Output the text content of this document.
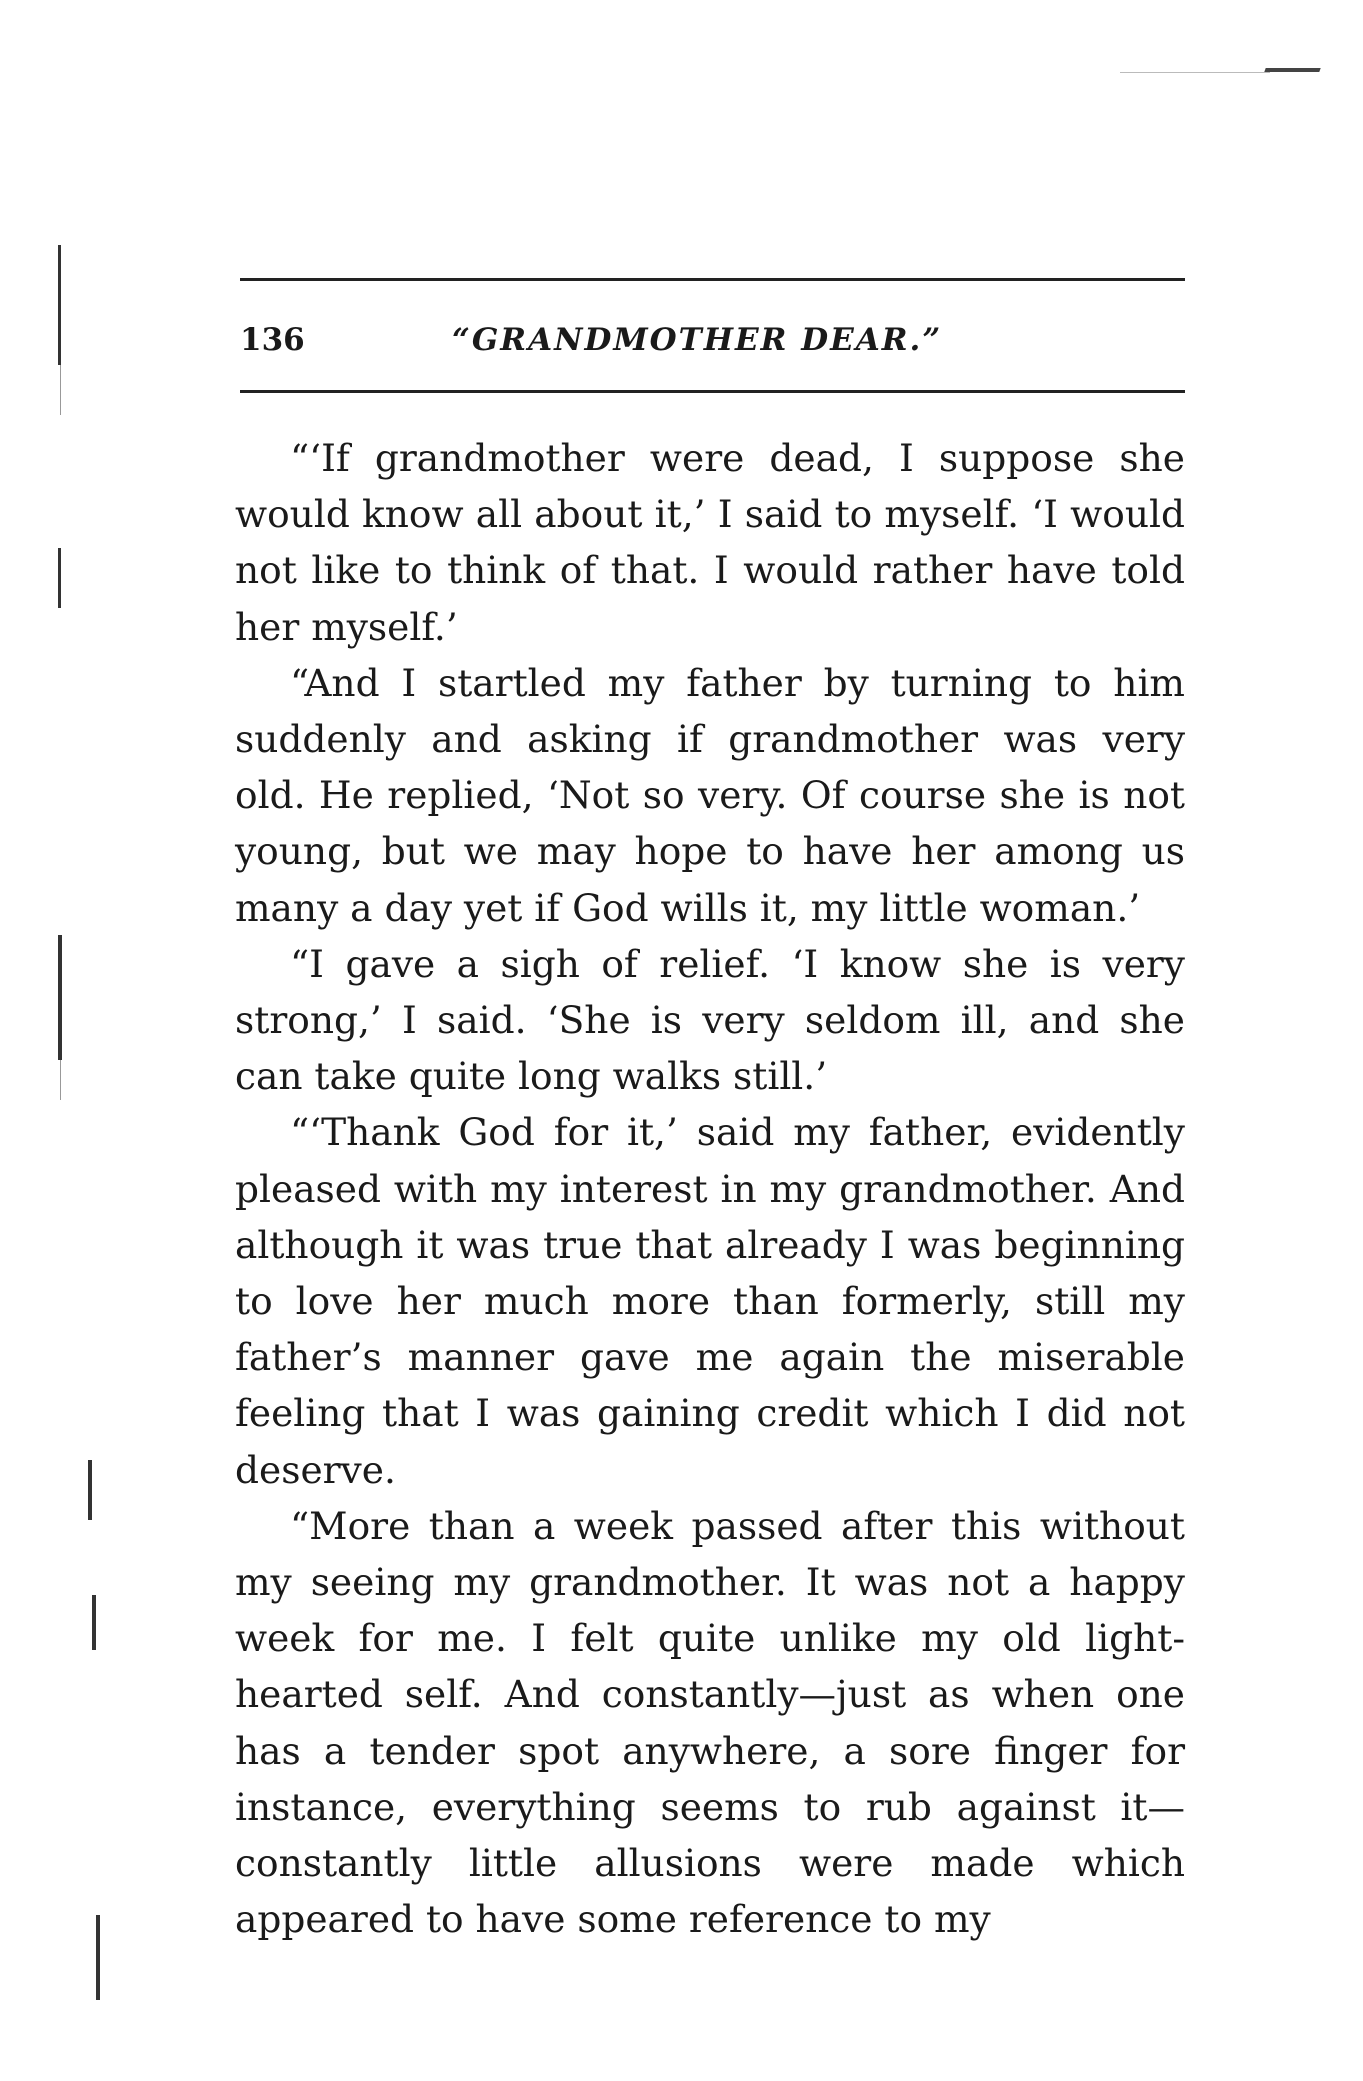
136	“GRANDMOTHER DEAR.”

“‘If grandmother were dead, I suppose she would know all about it,’ I said to myself. ‘I would not like to think of that. I would rather have told her myself.’

“And I startled my father by turning to him suddenly and asking if grandmother was very old. He replied, ‘Not so very. Of course she is not young, but we may hope to have her among us many a day yet if God wills it, my little woman.’

“I gave a sigh of relief. ‘I know she is very strong,’ I said. ‘She is very seldom ill, and she can take quite long walks still.’

“‘Thank God for it,’ said my father, evidently pleased with my interest in my grandmother. And although it was true that already I was beginning to love her much more than formerly, still my father’s manner gave me again the miserable feeling that I was gaining credit which I did not deserve.

“More than a week passed after this without my seeing my grandmother. It was not a happy week for me. I felt quite unlike my old light-hearted self. And constantly—just as when one has a tender spot anywhere, a sore finger for instance, everything seems to rub against it—constantly little allusions were made which appeared to have some reference to my
